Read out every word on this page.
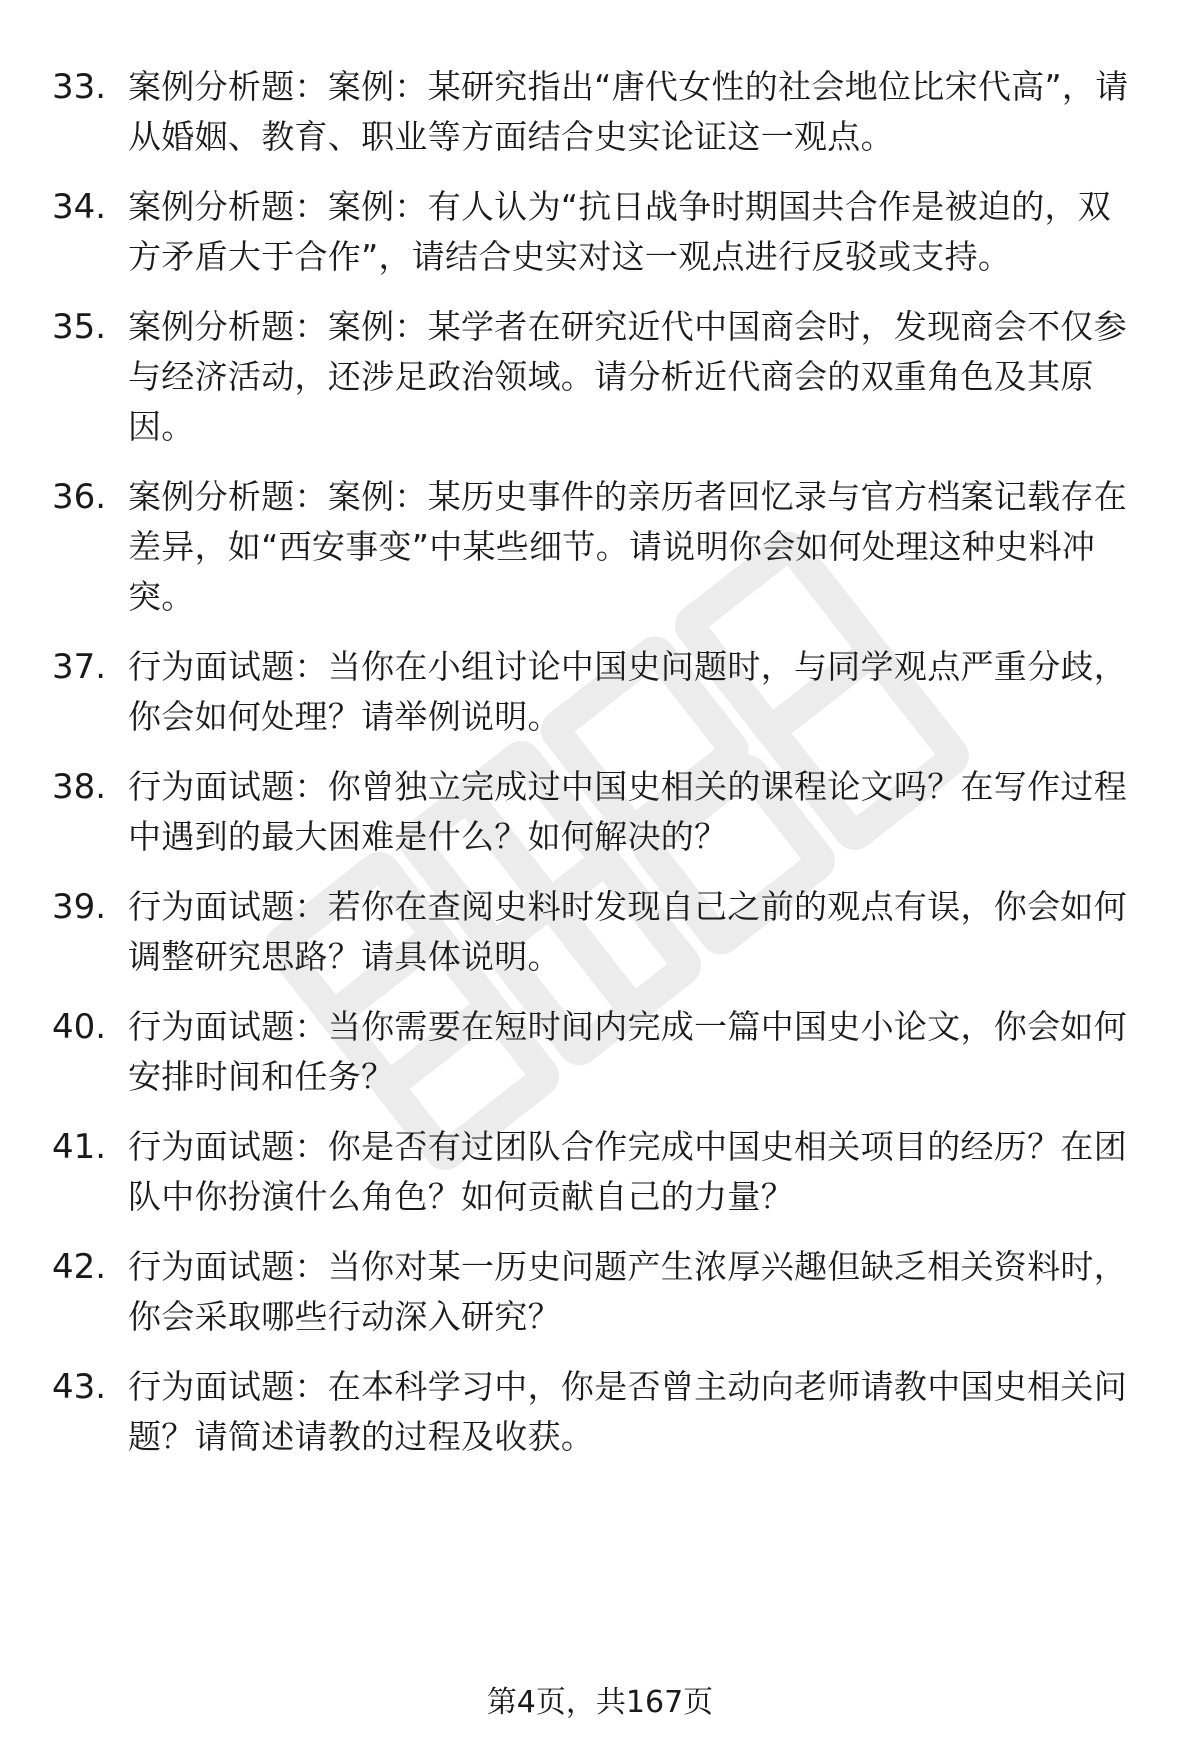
33. 案例分析题：案例：某研究指出“唐代女性的社会地位比宋代高”，请从婚姻、教育、职业等方面结合史实论证这一观点。
34. 案例分析题：案例：有人认为“抗日战争时期国共合作是被迫的，双方矛盾大于合作”，请结合史实对这一观点进行反驳或支持。
35. 案例分析题：案例：某学者在研究近代中国商会时，发现商会不仅参与经济活动，还涉足政治领域。请分析近代商会的双重角色及其原因。
36. 案例分析题：案例：某历史事件的亲历者回忆录与官方档案记载存在差异，如“西安事变”中某些细节。请说明你会如何处理这种史料冲突。
37. 行为面试题：当你在小组讨论中国史问题时，与同学观点严重分歧，你会如何处理？请举例说明。
38. 行为面试题：你曾独立完成过中国史相关的课程论文吗？在写作过程中遇到的最大困难是什么？如何解决的？
39. 行为面试题：若你在查阅史料时发现自己之前的观点有误，你会如何调整研究思路？请具体说明。
40. 行为面试题：当你需要在短时间内完成一篇中国史小论文，你会如何安排时间和任务？
41. 行为面试题：你是否有过团队合作完成中国史相关项目的经历？在团队中你扮演什么角色？如何贡献自己的力量？
42. 行为面试题：当你对某一历史问题产生浓厚兴趣但缺乏相关资料时，你会采取哪些行动深入研究？
43. 行为面试题：在本科学习中，你是否曾主动向老师请教中国史相关问题？请简述请教的过程及收获。
第4页，共167页
